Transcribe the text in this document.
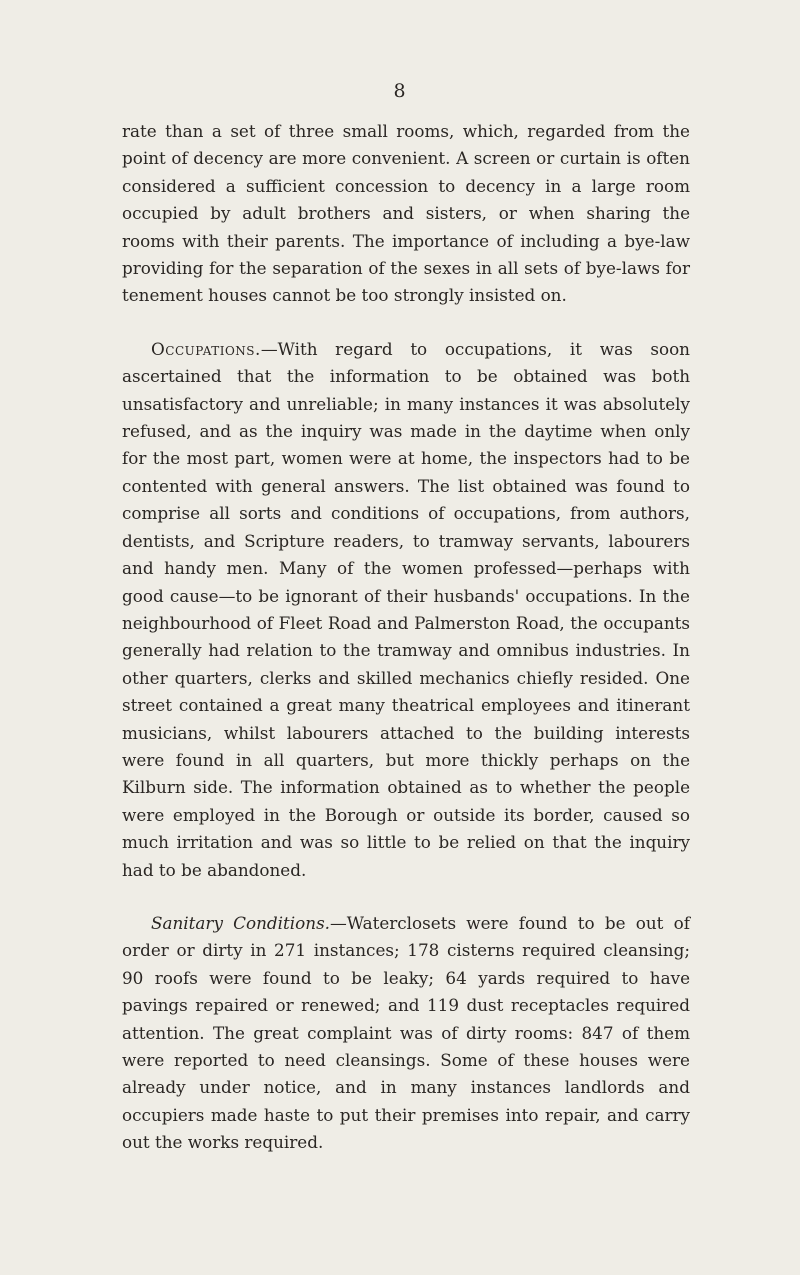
8

rate than a set of three small rooms, which, regarded from the point of decency are more convenient. A screen or curtain is often considered a sufficient concession to decency in a large room occupied by adult brothers and sisters, or when sharing the rooms with their parents. The importance of including a bye-law providing for the separation of the sexes in all sets of bye-laws for tenement houses cannot be too strongly insisted on.

Occupations.—With regard to occupations, it was soon ascertained that the information to be obtained was both unsatisfactory and unreliable; in many instances it was absolutely refused, and as the inquiry was made in the daytime when only for the most part, women were at home, the inspectors had to be contented with general answers. The list obtained was found to comprise all sorts and conditions of occupations, from authors, dentists, and Scripture readers, to tramway servants, labourers and handy men. Many of the women professed—perhaps with good cause—to be ignorant of their husbands' occupations. In the neighbourhood of Fleet Road and Palmerston Road, the occupants generally had relation to the tramway and omnibus industries. In other quarters, clerks and skilled mechanics chiefly resided. One street contained a great many theatrical employees and itinerant musicians, whilst labourers attached to the building interests were found in all quarters, but more thickly perhaps on the Kilburn side. The information obtained as to whether the people were employed in the Borough or outside its border, caused so much irritation and was so little to be relied on that the inquiry had to be abandoned.

Sanitary Conditions.—Waterclosets were found to be out of order or dirty in 271 instances; 178 cisterns required cleansing; 90 roofs were found to be leaky; 64 yards required to have pavings repaired or renewed; and 119 dust receptacles required attention. The great complaint was of dirty rooms: 847 of them were reported to need cleansings. Some of these houses were already under notice, and in many instances landlords and occupiers made haste to put their premises into repair, and carry out the works required.
